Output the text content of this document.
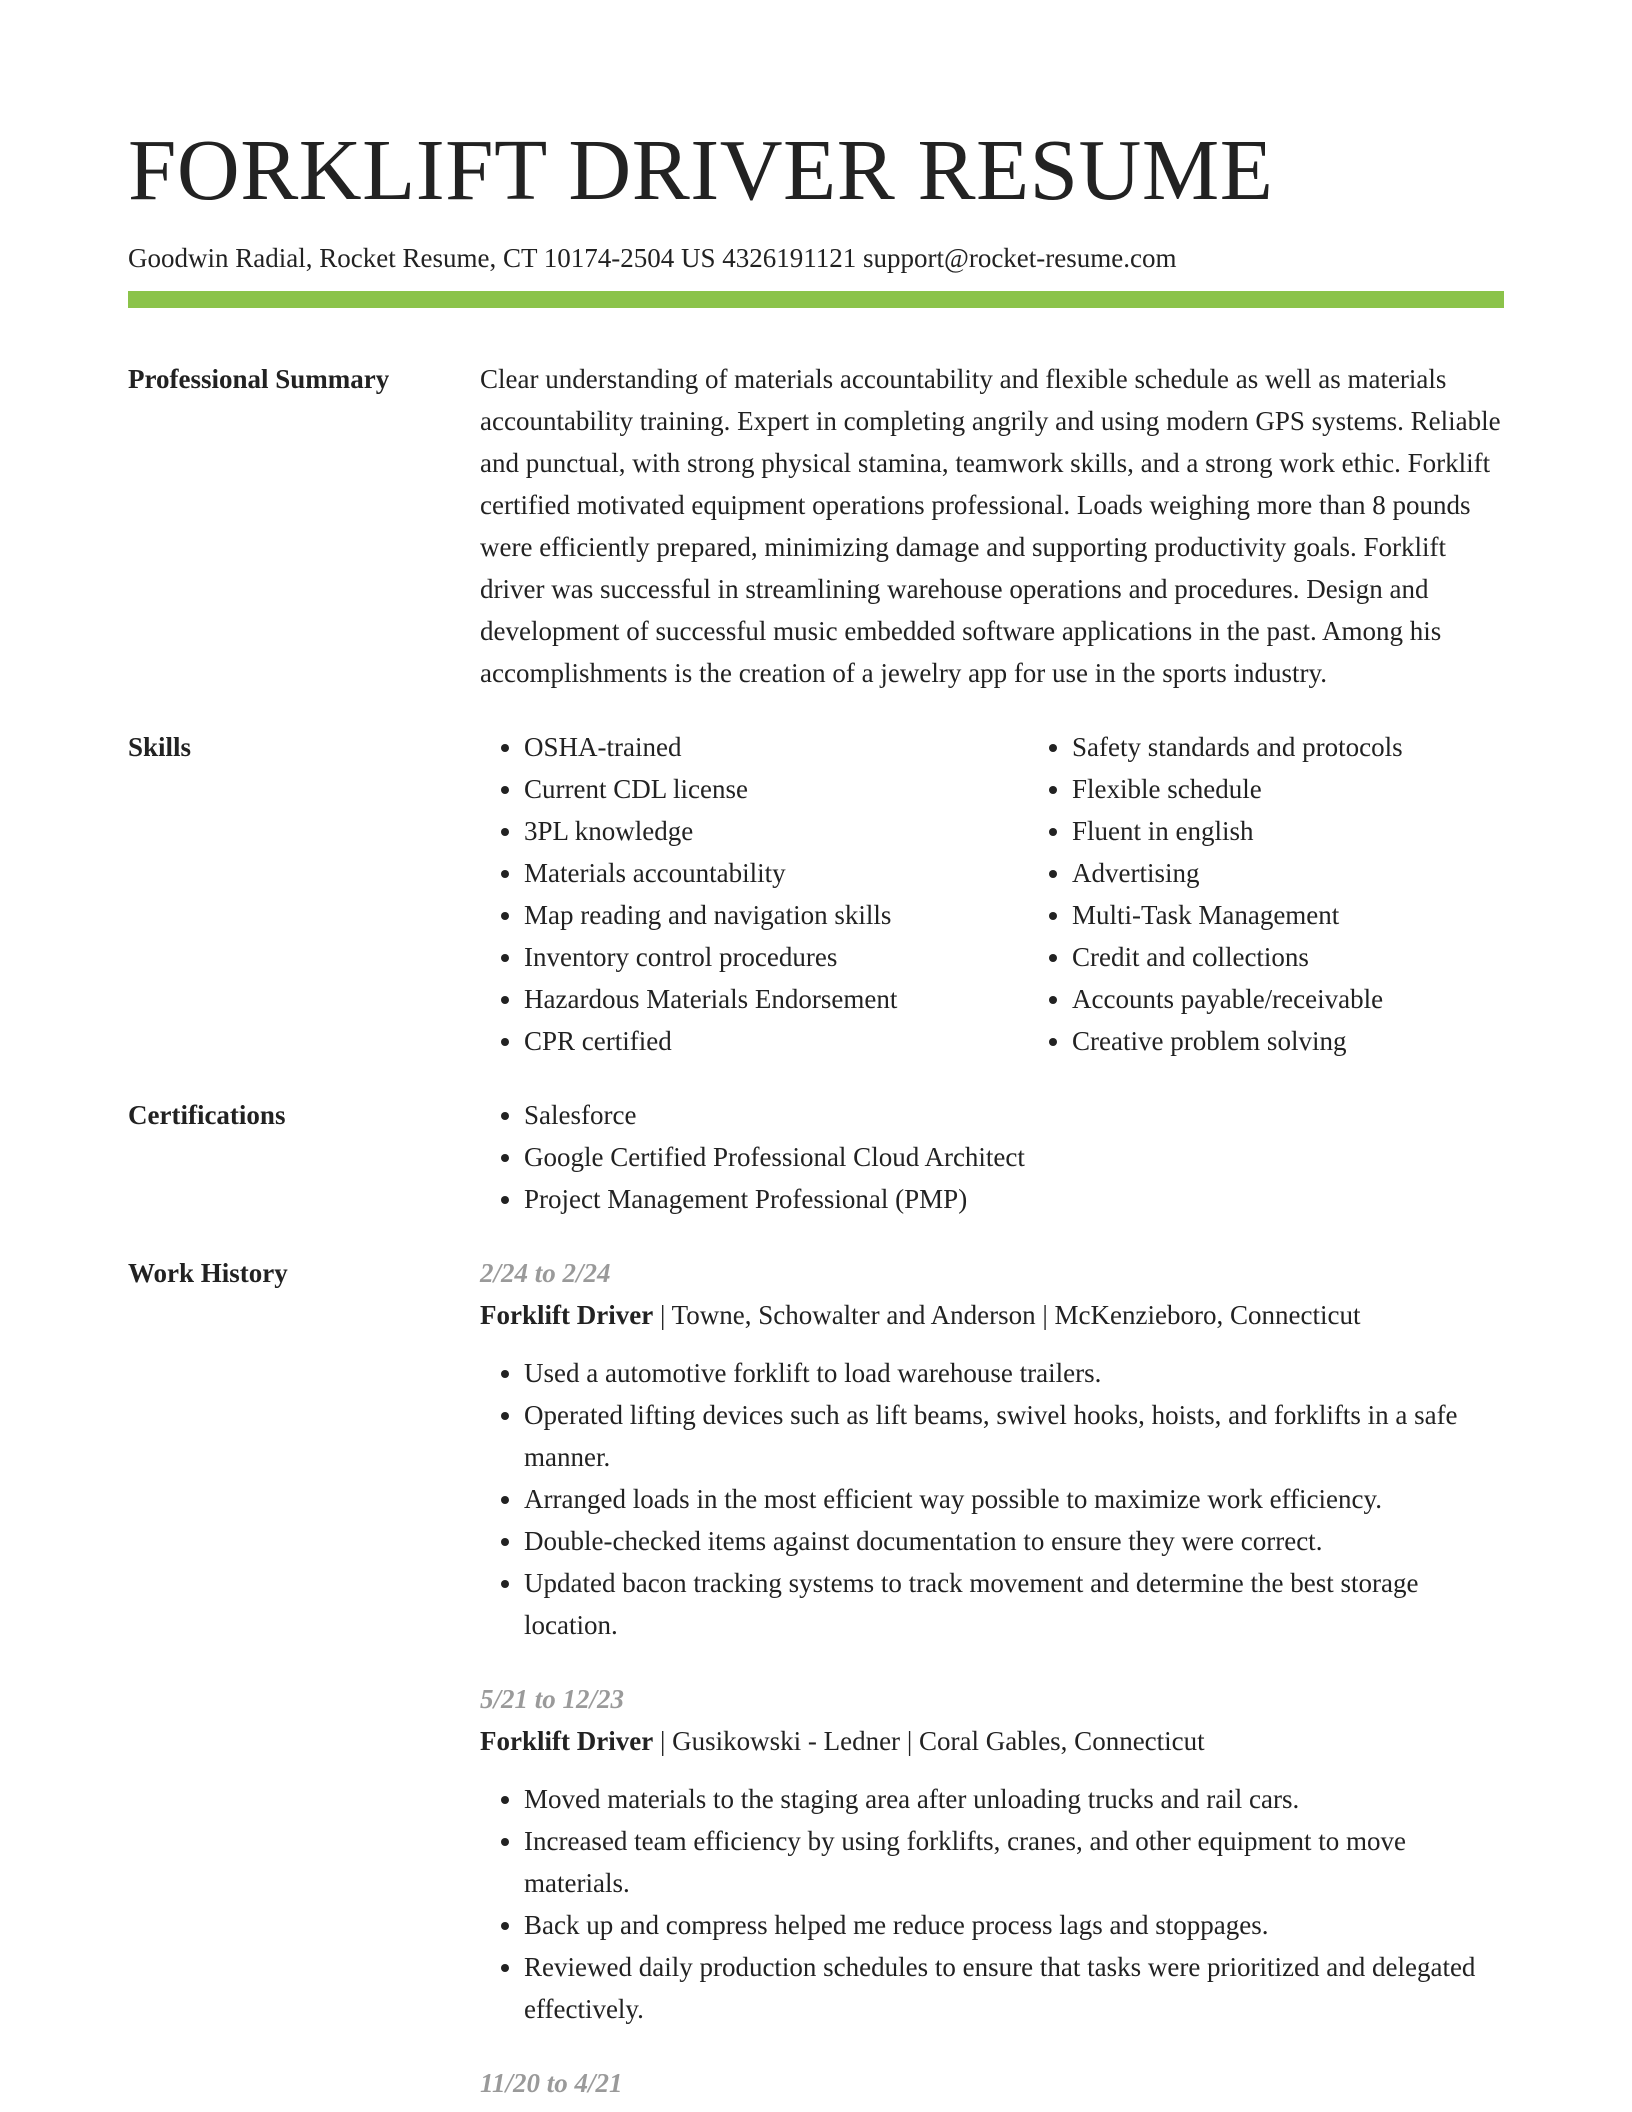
FORKLIFT DRIVER RESUME
Goodwin Radial, Rocket Resume, CT 10174-2504 US 4326191121 support@rocket-resume.com
Professional Summary	Clear understanding of materials accountability and flexible schedule as well as materials accountability training. Expert in completing angrily and using modern GPS systems. Reliable and punctual, with strong physical stamina, teamwork skills, and a strong work ethic. Forklift certified motivated equipment operations professional. Loads weighing more than 8 pounds were efficiently prepared, minimizing damage and supporting productivity goals. Forklift driver was successful in streamlining warehouse operations and procedures. Design and development of successful music embedded software applications in the past. Among his accomplishments is the creation of a jewelry app for use in the sports industry.
Skills	• OSHA-trained
• Current CDL license
• 3PL knowledge
• Materials accountability
• Map reading and navigation skills
• Inventory control procedures
• Hazardous Materials Endorsement
• CPR certified
• Safety standards and protocols
• Flexible schedule
• Fluent in english
• Advertising
• Multi-Task Management
• Credit and collections
• Accounts payable/receivable
• Creative problem solving
Certifications	• Salesforce
• Google Certified Professional Cloud Architect
• Project Management Professional (PMP)
Work History	2/24 to 2/24
Forklift Driver | Towne, Schowalter and Anderson | McKenzieboro, Connecticut
• Used a automotive forklift to load warehouse trailers.
• Operated lifting devices such as lift beams, swivel hooks, hoists, and forklifts in a safe manner.
• Arranged loads in the most efficient way possible to maximize work efficiency.
• Double-checked items against documentation to ensure they were correct.
• Updated bacon tracking systems to track movement and determine the best storage location.
5/21 to 12/23
Forklift Driver | Gusikowski - Ledner | Coral Gables, Connecticut
• Moved materials to the staging area after unloading trucks and rail cars.
• Increased team efficiency by using forklifts, cranes, and other equipment to move materials.
• Back up and compress helped me reduce process lags and stoppages.
• Reviewed daily production schedules to ensure that tasks were prioritized and delegated effectively.
11/20 to 4/21
